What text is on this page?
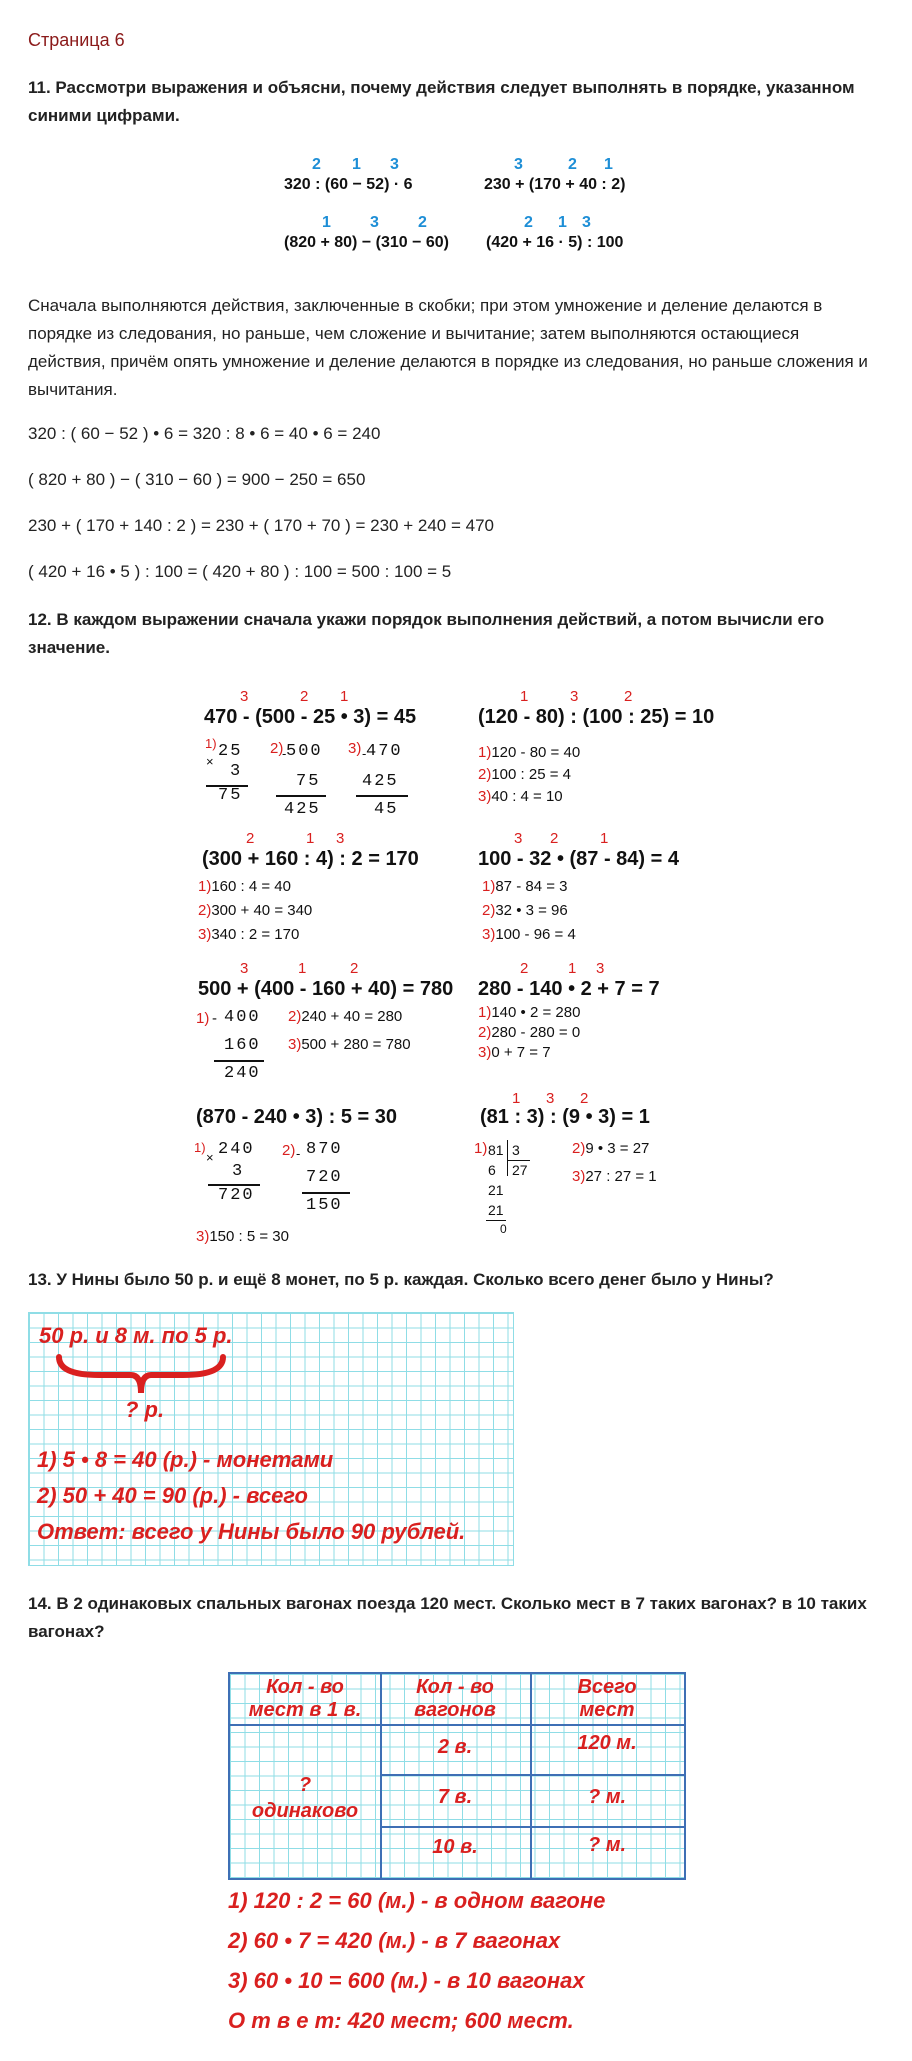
Страница 6
11. Рассмотри выражения и объясни, почему действия следует выполнять в порядке, указанном синими цифрами.
2 1 3
320 : (60 − 52) · 6
3	2 1
230 + (170 + 40 : 2)
1 3 2
(820 + 80) − (310 − 60)
2 1 3
(420 + 16 · 5) : 100
Сначала выполняются действия, заключенные в скобки; при этом умножение и деление делаются в порядке из следования, но раньше, чем сложение и вычитание; затем выполняются остающиеся действия, причём опять умножение и деление делаются в порядке из следования, но раньше сложения и вычитания.
320 : ( 60 − 52 ) • 6 = 320 : 8 • 6 = 40 • 6 = 240
( 820 + 80 ) − ( 310 − 60 ) = 900 − 250 = 650
230 + ( 170 + 140 : 2 ) = 230 + ( 170 + 70 ) = 230 + 240 = 470
( 420 + 16 • 5 ) : 100 = ( 420 + 80 ) : 100 = 500 : 100 = 5
12. В каждом выражении сначала укажи порядок выполнения действий, а потом вычисли его значение.
3	2 1
470 - (500 - 25 • 3) = 45
1)
×
25
3
75
2)
- 500
75
425
3) - 470
425
45
1	3	2
(120 - 80) : (100 : 25) = 10
1)120 - 80 = 40
2)100 : 25 = 4
3)40 : 4 = 10
2	1 3
(300 + 160 : 4) : 2 = 170
1)160 : 4 = 40
2)300 + 40 = 340
3)340 : 2 = 170
3 2	1
100 - 32 • (87 - 84) = 4
1)87 - 84 = 3
2)32 • 3 = 96
3)100 - 96 = 4
3	1	2
500 + (400 - 160 + 40) = 780
1) - 400
160
240
2)240 + 40 = 280
3)500 + 280 = 780
2	1 3
280 - 140 • 2 + 7 = 7
1)140 • 2 = 280
2)280 - 280 = 0
3)0 + 7 = 7
(870 - 240 • 3) : 5 = 30
1)
× 240
3
720
2) - 870
720
150
3)150 : 5 = 30
1 3 2
(81 : 3) : (9 • 3) = 1
1) 81 3
27
6
21
21
0
2)9 • 3 = 27
3)27 : 27 = 1
13. У Нины было 50 р. и ещё 8 монет, по 5 р. каждая. Сколько всего денег было у Нины?
50 р. и 8 м. по 5 р.
? р.
1) 5 • 8 = 40 (р.) - монетами
2) 50 + 40 = 90 (р.) - всего
Ответ: всего у Нины было 90 рублей.
14. В 2 одинаковых спальных вагонах поезда 120 мест. Сколько мест в 7 таких вагонах? в 10 таких вагонах?
Кол - во
мест в 1 в.
Кол - во
вагонов
Всего
мест
?
одинаково
2 в.	120 м.
7 в.	? м.
10 в.	? м.
1) 120 : 2 = 60 (м.) - в одном вагоне
2) 60 • 7 = 420 (м.) - в 7 вагонах
3) 60 • 10 = 600 (м.) - в 10 вагонах
О т в е т: 420 мест; 600 мест.
